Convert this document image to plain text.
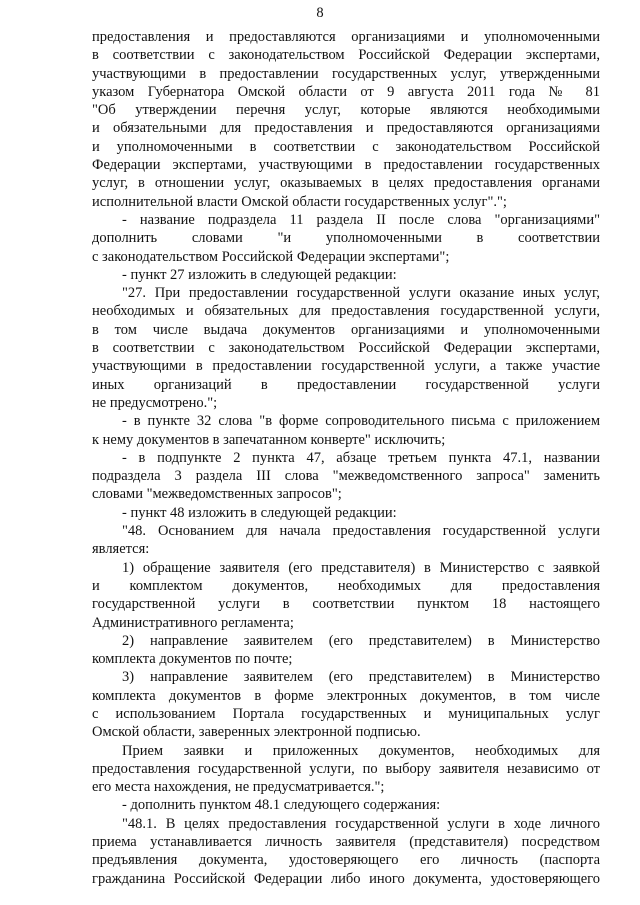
8
предоставления и предоставляются организациями и уполномоченными
в соответствии с законодательством Российской Федерации экспертами,
участвующими в предоставлении государственных услуг, утвержденными
указом Губернатора Омской области от 9 августа 2011 года № 81
"Об утверждении перечня услуг, которые являются необходимыми
и обязательными для предоставления и предоставляются организациями
и уполномоченными в соответствии с законодательством Российской
Федерации экспертами, участвующими в предоставлении государственных
услуг, в отношении услуг, оказываемых в целях предоставления органами
исполнительной власти Омской области государственных услуг".";
- название подраздела 11 раздела II после слова "организациями"
дополнить словами "и уполномоченными в соответствии
с законодательством Российской Федерации экспертами";
- пункт 27 изложить в следующей редакции:
"27. При предоставлении государственной услуги оказание иных услуг,
необходимых и обязательных для предоставления государственной услуги,
в том числе выдача документов организациями и уполномоченными
в соответствии с законодательством Российской Федерации экспертами,
участвующими в предоставлении государственной услуги, а также участие
иных организаций в предоставлении государственной услуги
не предусмотрено.";
- в пункте 32 слова "в форме сопроводительного письма с приложением
к нему документов в запечатанном конверте" исключить;
- в подпункте 2 пункта 47, абзаце третьем пункта 47.1, названии
подраздела 3 раздела III слова "межведомственного запроса" заменить
словами "межведомственных запросов";
- пункт 48 изложить в следующей редакции:
"48. Основанием для начала предоставления государственной услуги
является:
1) обращение заявителя (его представителя) в Министерство с заявкой
и комплектом документов, необходимых для предоставления
государственной услуги в соответствии пунктом 18 настоящего
Административного регламента;
2) направление заявителем (его представителем) в Министерство
комплекта документов по почте;
3) направление заявителем (его представителем) в Министерство
комплекта документов в форме электронных документов, в том числе
с использованием Портала государственных и муниципальных услуг
Омской области, заверенных электронной подписью.
Прием заявки и приложенных документов, необходимых для
предоставления государственной услуги, по выбору заявителя независимо от
его места нахождения, не предусматривается.";
- дополнить пунктом 48.1 следующего содержания:
"48.1. В целях предоставления государственной услуги в ходе личного
приема устанавливается личность заявителя (представителя) посредством
предъявления документа, удостоверяющего его личность (паспорта
гражданина Российской Федерации либо иного документа, удостоверяющего
